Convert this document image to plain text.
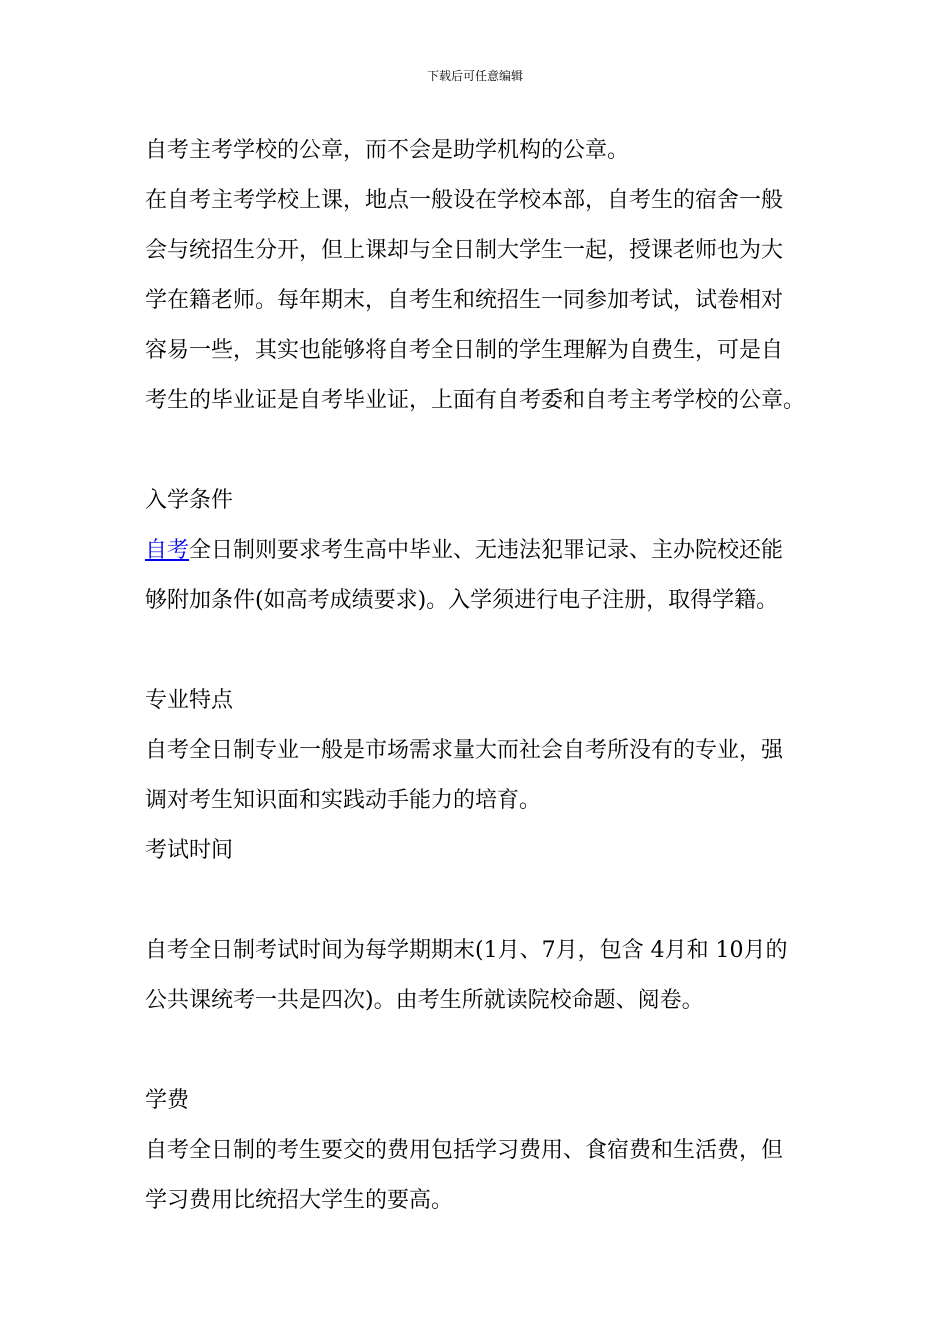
下载后可任意编辑
自考主考学校的公章，而不会是助学机构的公章。
在自考主考学校上课，地点一般设在学校本部，自考生的宿舍一般
会与统招生分开，但上课却与全日制大学生一起，授课老师也为大
学在籍老师。每年期末，自考生和统招生一同参加考试，试卷相对
容易一些，其实也能够将自考全日制的学生理解为自费生，可是自
考生的毕业证是自考毕业证，上面有自考委和自考主考学校的公章。
入学条件
自考全日制则要求考生高中毕业、无违法犯罪记录、主办院校还能
够附加条件(如高考成绩要求)。入学须进行电子注册，取得学籍。
专业特点
自考全日制专业一般是市场需求量大而社会自考所没有的专业，强
调对考生知识面和实践动手能力的培育。
考试时间
自考全日制考试时间为每学期期末(1月、7月，包含 4月和 10月的
公共课统考一共是四次)。由考生所就读院校命题、阅卷。
学费
自考全日制的考生要交的费用包括学习费用、食宿费和生活费，但
学习费用比统招大学生的要高。
